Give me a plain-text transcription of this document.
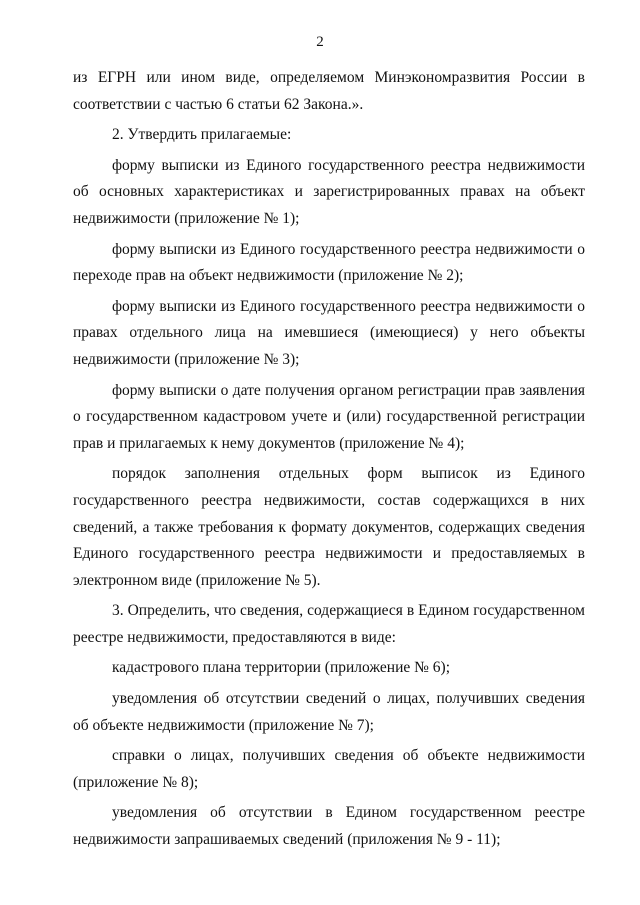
2

из ЕГРН или ином виде, определяемом Минэкономразвития России в соответствии с частью 6 статьи 62 Закона.».

2. Утвердить прилагаемые:

форму выписки из Единого государственного реестра недвижимости об основных характеристиках и зарегистрированных правах на объект недвижимости (приложение № 1);

форму выписки из Единого государственного реестра недвижимости о переходе прав на объект недвижимости (приложение № 2);

форму выписки из Единого государственного реестра недвижимости о правах отдельного лица на имевшиеся (имеющиеся) у него объекты недвижимости (приложение № 3);

форму выписки о дате получения органом регистрации прав заявления о государственном кадастровом учете и (или) государственной регистрации прав и прилагаемых к нему документов (приложение № 4);

порядок заполнения отдельных форм выписок из Единого государственного реестра недвижимости, состав содержащихся в них сведений, а также требования к формату документов, содержащих сведения Единого государственного реестра недвижимости и предоставляемых в электронном виде (приложение № 5).

3. Определить, что сведения, содержащиеся в Едином государственном реестре недвижимости, предоставляются в виде:

кадастрового плана территории (приложение № 6);

уведомления об отсутствии сведений о лицах, получивших сведения об объекте недвижимости (приложение № 7);

справки о лицах, получивших сведения об объекте недвижимости (приложение № 8);

уведомления об отсутствии в Едином государственном реестре недвижимости запрашиваемых сведений (приложения № 9 - 11);
